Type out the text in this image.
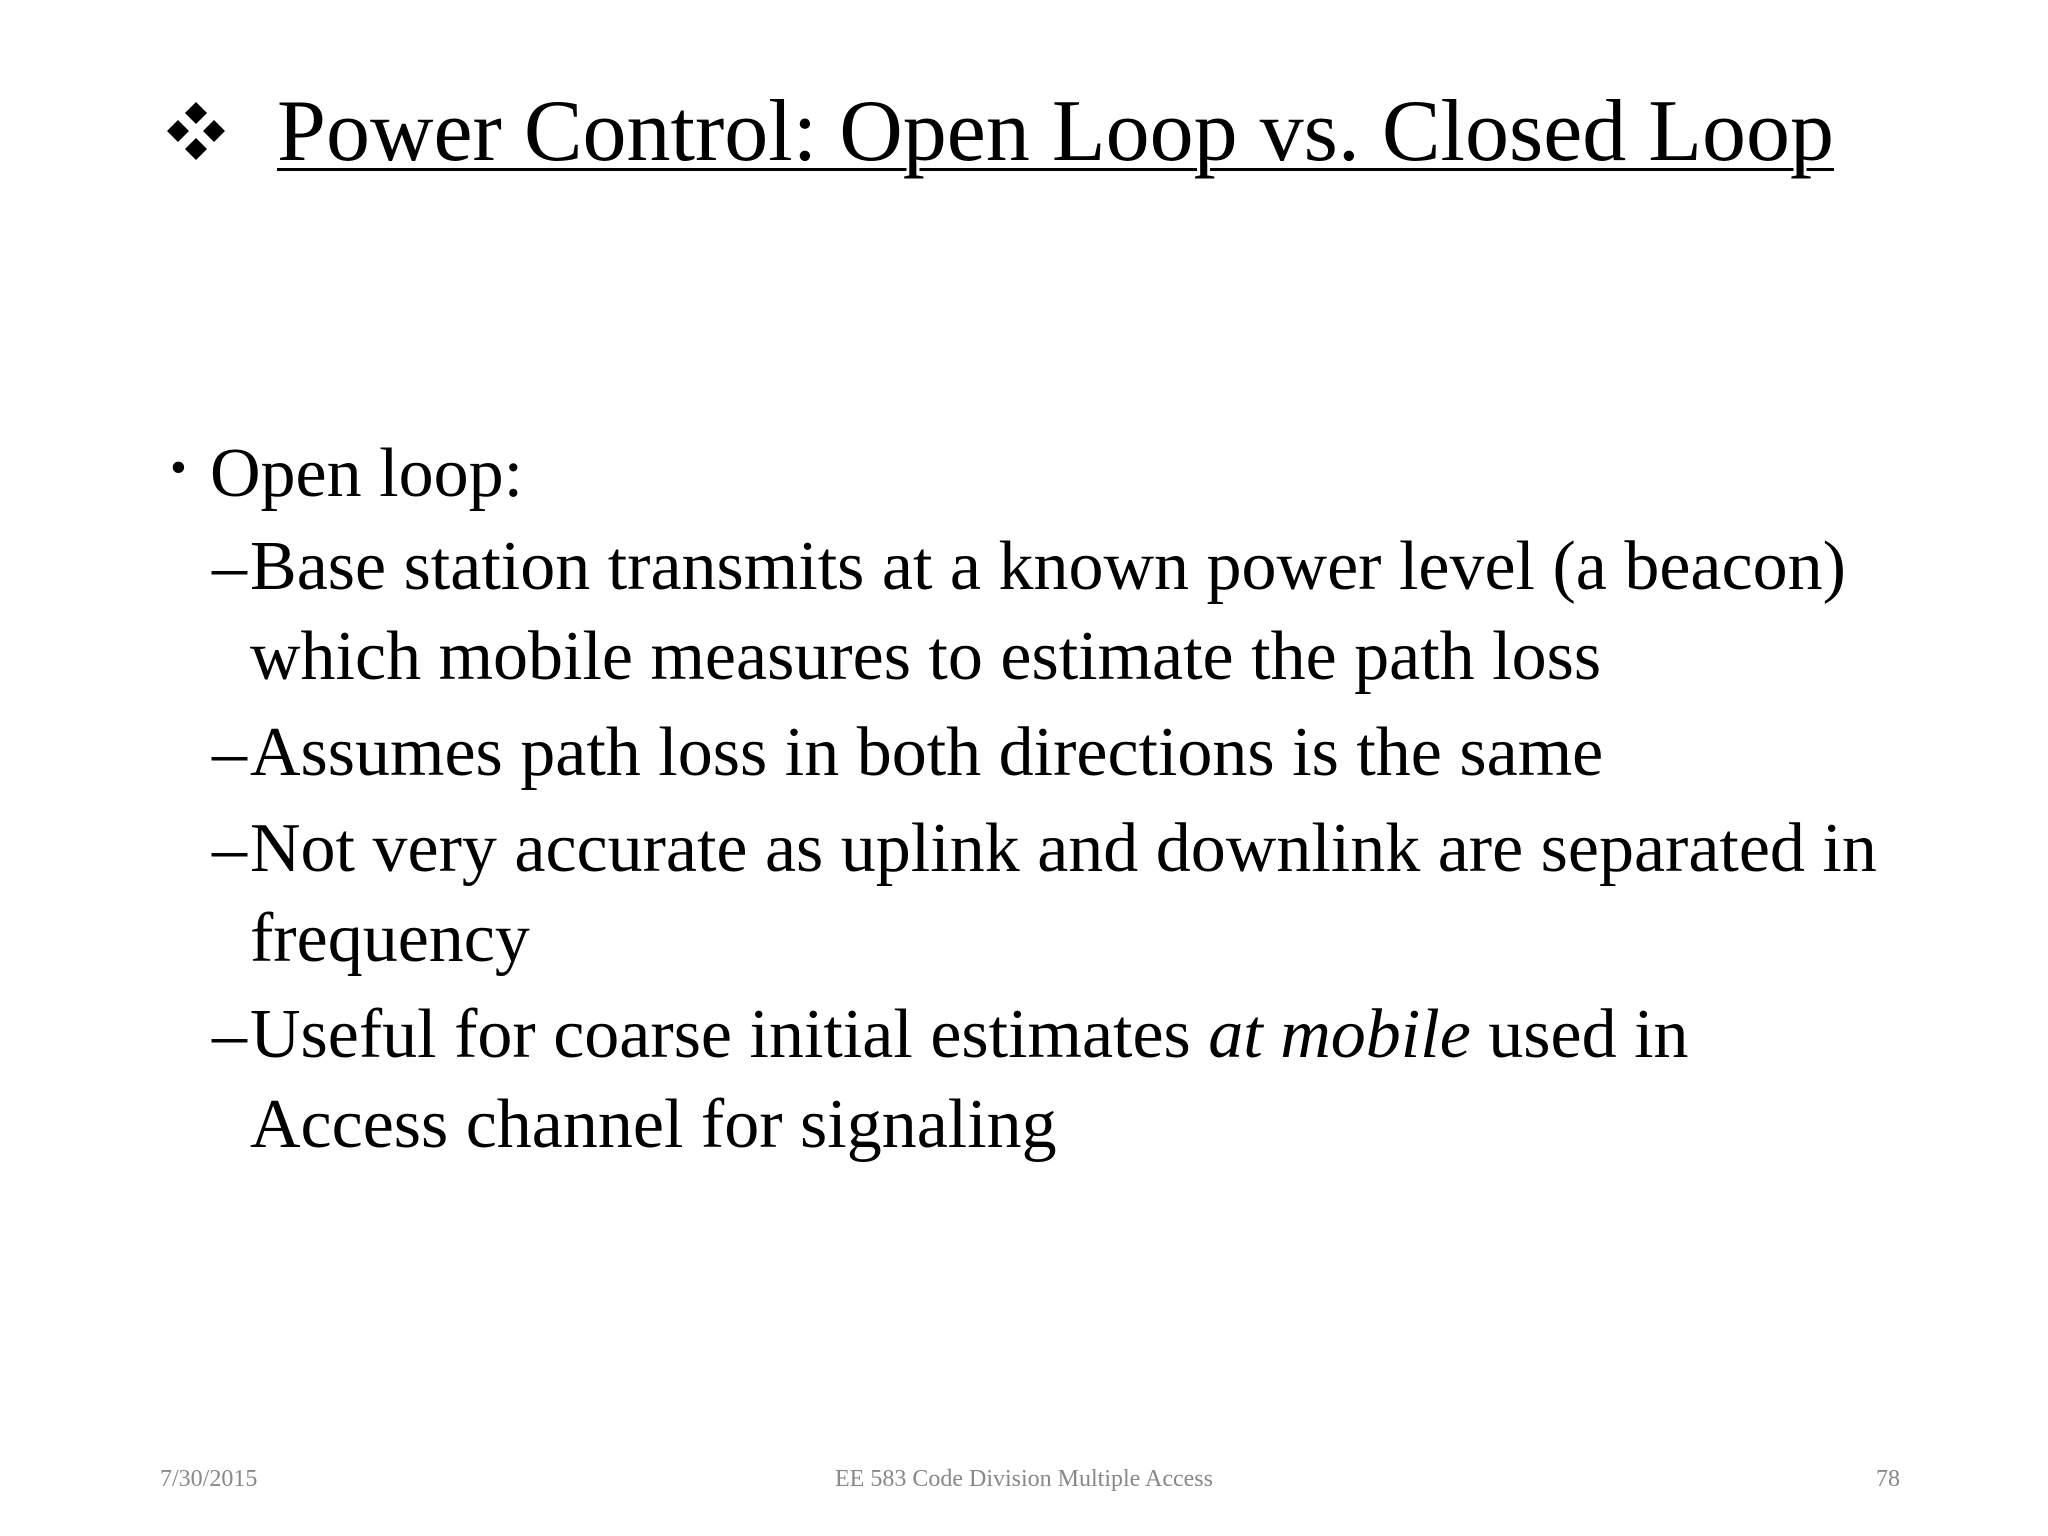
Power Control: Open Loop vs. Closed Loop
• Open loop:
– Base station transmits at a known power level (a beacon) which mobile measures to estimate the path loss
– Assumes path loss in both directions is the same
– Not very accurate as uplink and downlink are separated in frequency
– Useful for coarse initial estimates at mobile used in Access channel for signaling
7/30/2015	EE 583 Code Division Multiple Access	78
